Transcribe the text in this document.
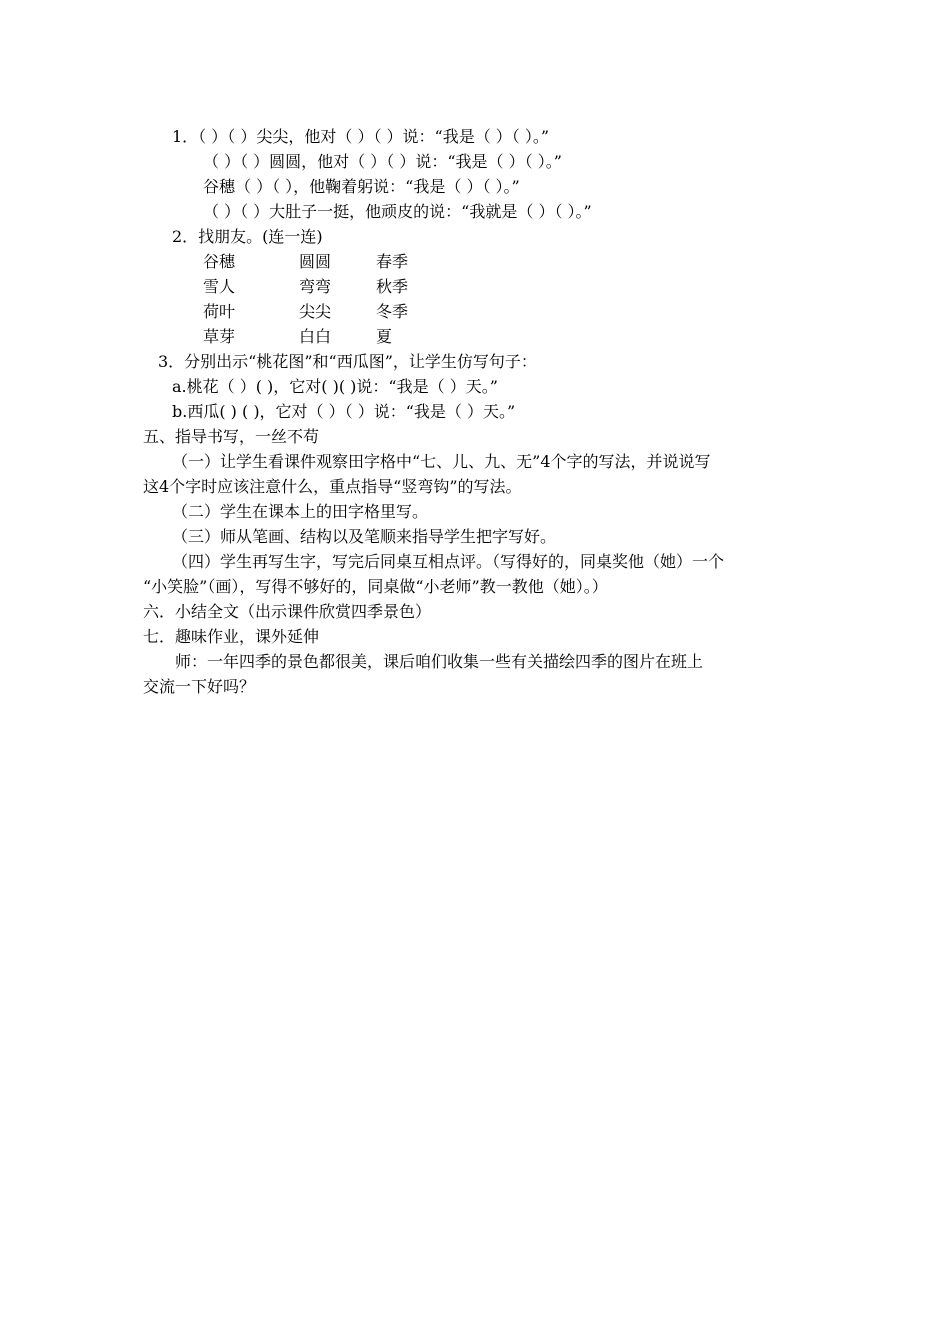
1．（ ）（ ）尖尖，他对（ ）（ ）说：“我是（ ）（ ）。”
（ ）（ ）圆圆，他对（ ）（ ）说：“我是（ ）（ ）。”
谷穗（ ）（ ），他鞠着躬说：“我是（ ）（ ）。”
（ ）（ ）大肚子一挺，他顽皮的说：“我就是（ ）（ ）。”
2．找朋友。(连一连)
谷穗	圆圆	春季
雪人	弯弯	秋季
荷叶	尖尖	冬季
草芽	白白	夏
3．分别出示“桃花图”和“西瓜图”，让学生仿写句子：
a.桃花（ ）( )，它对( )( )说：“我是（ ）天。”
b.西瓜( ) ( )，它对（ ）（ ）说：“我是（ ）天。”
五、指导书写，一丝不苟
（一）让学生看课件观察田字格中“七、儿、九、无”4个字的写法，并说说写
这4个字时应该注意什么，重点指导“竖弯钩”的写法。
（二）学生在课本上的田字格里写。
（三）师从笔画、结构以及笔顺来指导学生把字写好。
（四）学生再写生字，写完后同桌互相点评。（写得好的，同桌奖他（她）一个
“小笑脸”（画），写得不够好的，同桌做“小老师”教一教他（她）。）
六．小结全文（出示课件欣赏四季景色）
七．趣味作业，课外延伸
师：一年四季的景色都很美，课后咱们收集一些有关描绘四季的图片在班上
交流一下好吗？
